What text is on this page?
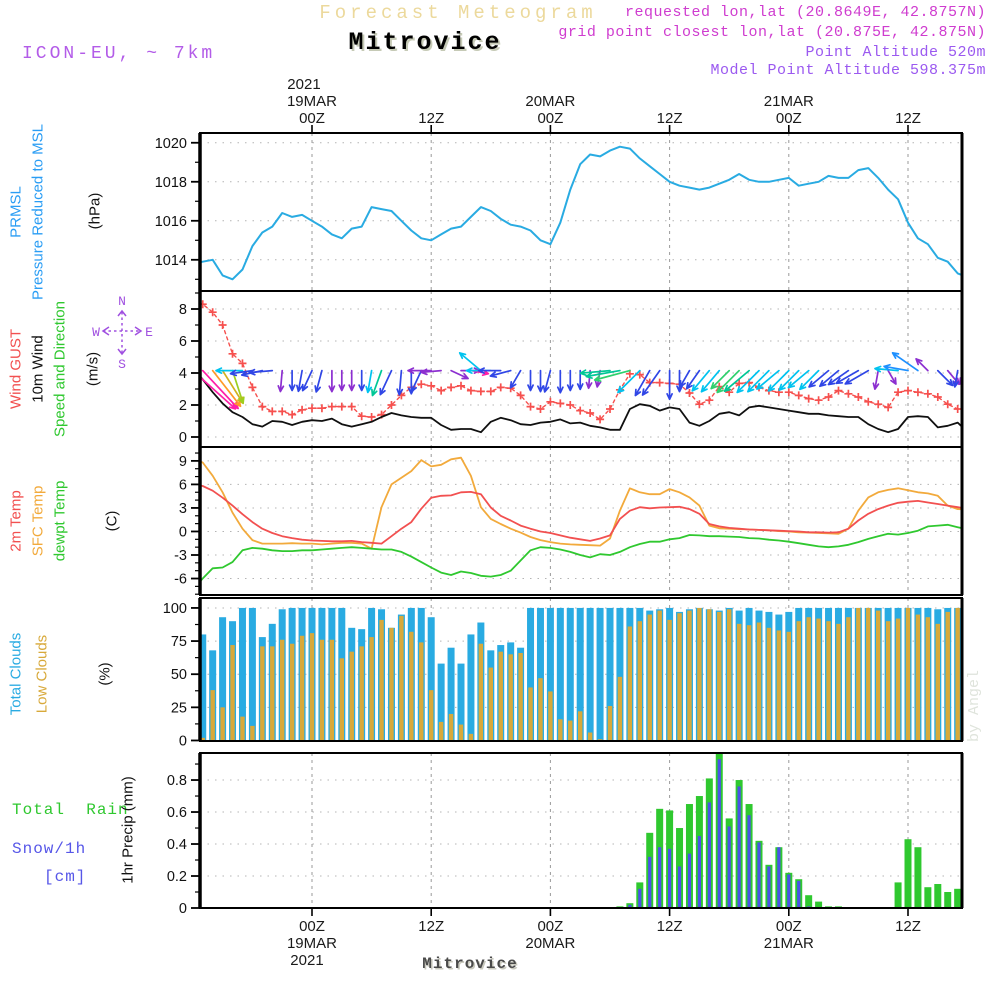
1020
1018
1016
1014
8
6
4
2
0
9
6
3
0
-3
-6
100
75
50
25
0
0.8
0.6
0.4
0.2
0
00Z
19MAR
2021
00Z
19MAR
2021
12Z
12Z
00Z
20MAR
00Z
20MAR
12Z
12Z
00Z
21MAR
00Z
21MAR
12Z
12Z
N
S
W	E
Forecast Meteogram
Mitrovice
requested lon,lat (20.8649E, 42.8757N)
grid point closest lon,lat (20.875E, 42.875N)
Point Altitude 520m
Model Point Altitude 598.375m
ICON-EU, ~ 7km
by Angel
Mitrovice
Total  Rain
Snow/1h
[cm]
PRMSL Pressure Reduced to MSL	(hPa)
Wind GUST 10m Wind Speed and Direction (m/s)
2m Temp SFC Temp dewpt Temp (C)
Total Clouds Low Clouds	(%)
1hr Precip (mm)
